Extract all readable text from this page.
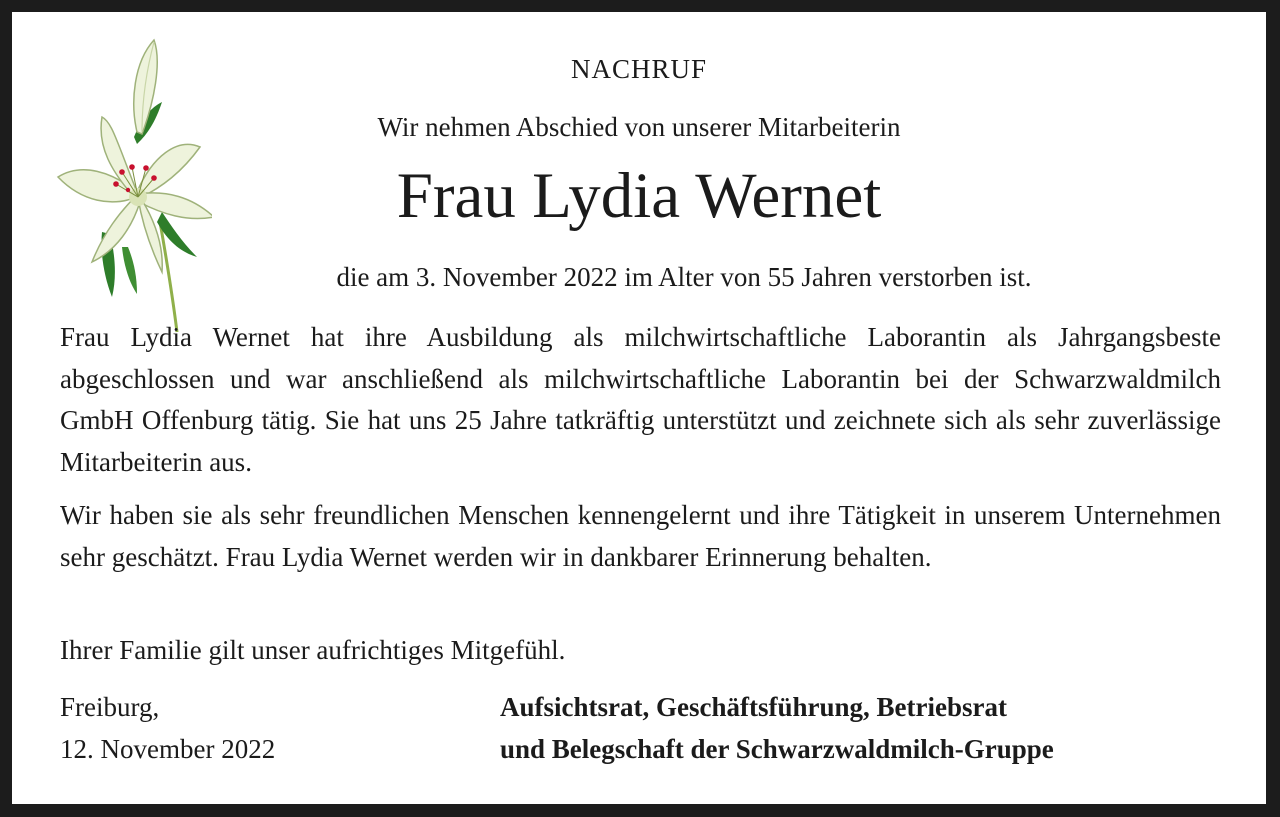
NACHRUF
Wir nehmen Abschied von unserer Mitarbeiterin
Frau Lydia Wernet
die am 3. November 2022 im Alter von 55 Jahren verstorben ist.

Frau Lydia Wernet hat ihre Ausbildung als milchwirtschaftliche Laborantin als Jahrgangsbeste abgeschlossen und war anschließend als milchwirtschaftliche Laborantin bei der Schwarzwaldmilch GmbH Offenburg tätig. Sie hat uns 25 Jahre tatkräftig unterstützt und zeichnete sich als sehr zuverlässige Mitarbeiterin aus.

Wir haben sie als sehr freundlichen Menschen kennengelernt und ihre Tätigkeit in unserem Unternehmen sehr geschätzt. Frau Lydia Wernet werden wir in dankbarer Erinnerung behalten.

Ihrer Familie gilt unser aufrichtiges Mitgefühl.

Freiburg,
12. November 2022
Aufsichtsrat, Geschäftsführung, Betriebsrat
und Belegschaft der Schwarzwaldmilch-Gruppe
